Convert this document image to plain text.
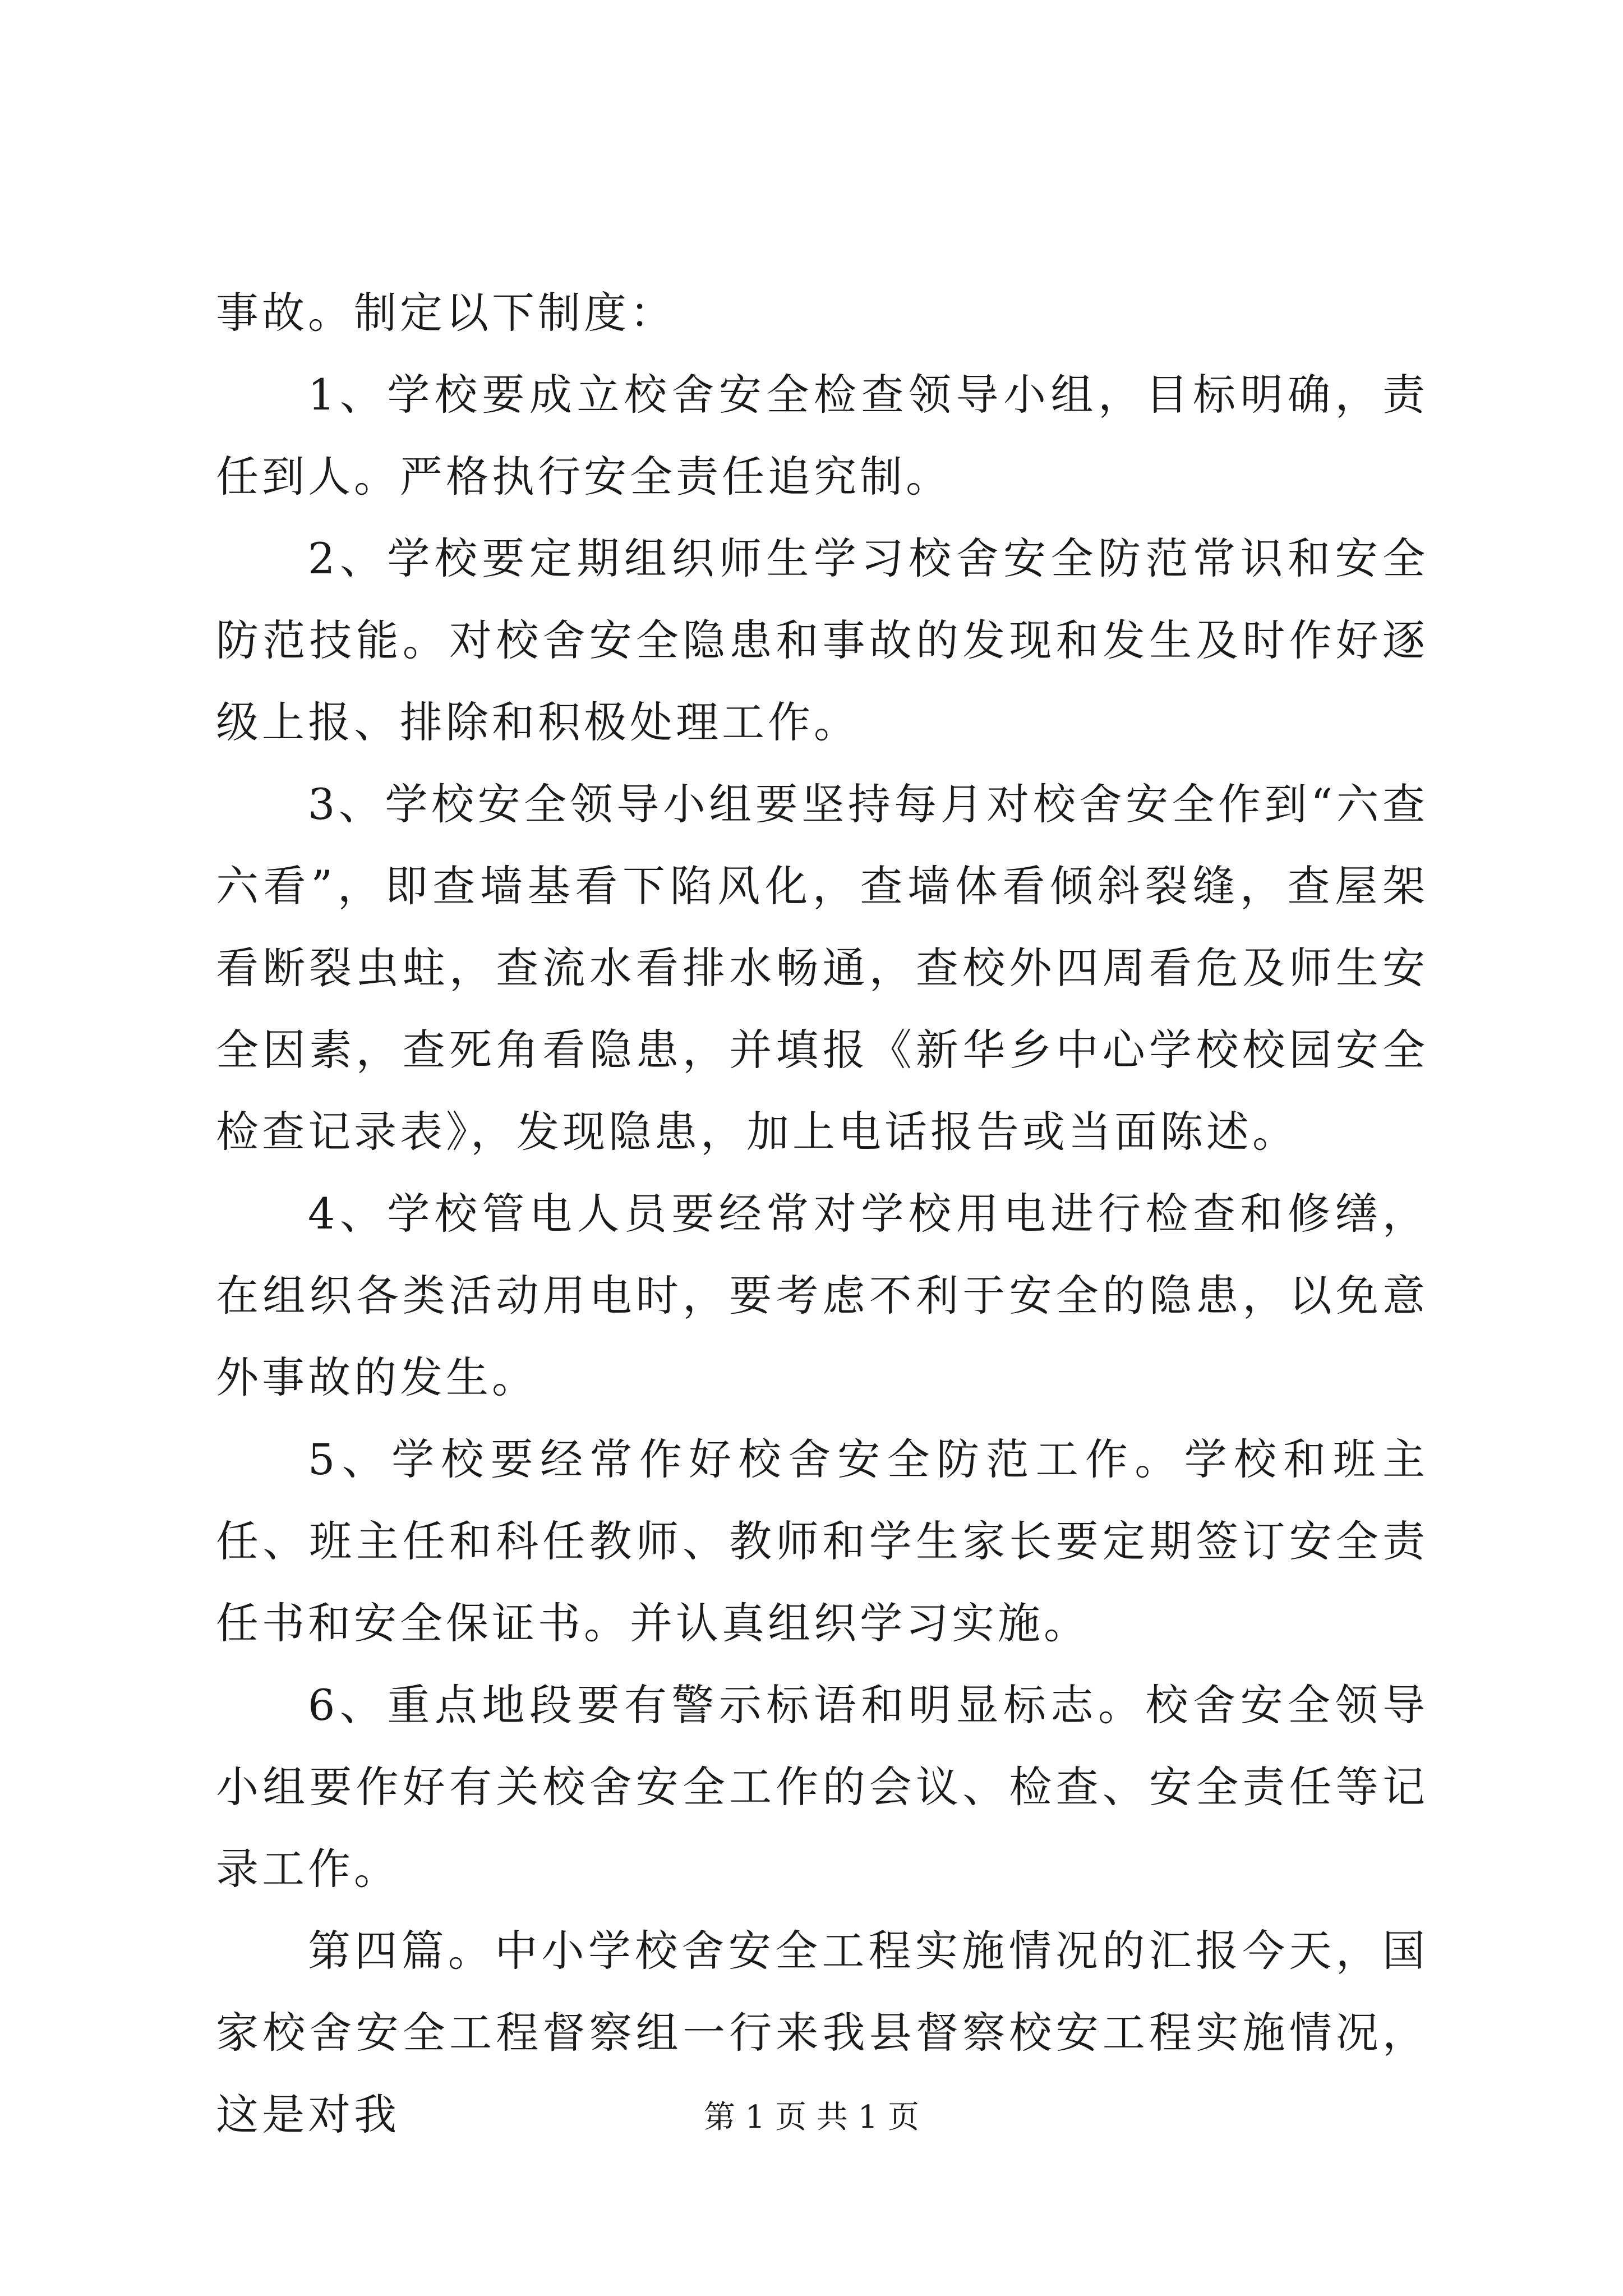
事故。制定以下制度：

1、学校要成立校舍安全检查领导小组，目标明确，责任到人。严格执行安全责任追究制。

2、学校要定期组织师生学习校舍安全防范常识和安全防范技能。对校舍安全隐患和事故的发现和发生及时作好逐级上报、排除和积极处理工作。

3、学校安全领导小组要坚持每月对校舍安全作到“六查六看”，即查墙基看下陷风化，查墙体看倾斜裂缝，查屋架看断裂虫蛀，查流水看排水畅通，查校外四周看危及师生安全因素，查死角看隐患，并填报《新华乡中心学校校园安全检查记录表》，发现隐患，加上电话报告或当面陈述。

4、学校管电人员要经常对学校用电进行检查和修缮，在组织各类活动用电时，要考虑不利于安全的隐患，以免意外事故的发生。

5、学校要经常作好校舍安全防范工作。学校和班主任、班主任和科任教师、教师和学生家长要定期签订安全责任书和安全保证书。并认真组织学习实施。

6、重点地段要有警示标语和明显标志。校舍安全领导小组要作好有关校舍安全工作的会议、检查、安全责任等记录工作。

第四篇。中小学校舍安全工程实施情况的汇报今天，国家校舍安全工程督察组一行来我县督察校安工程实施情况，这是对我	第 1 页 共 1 页
